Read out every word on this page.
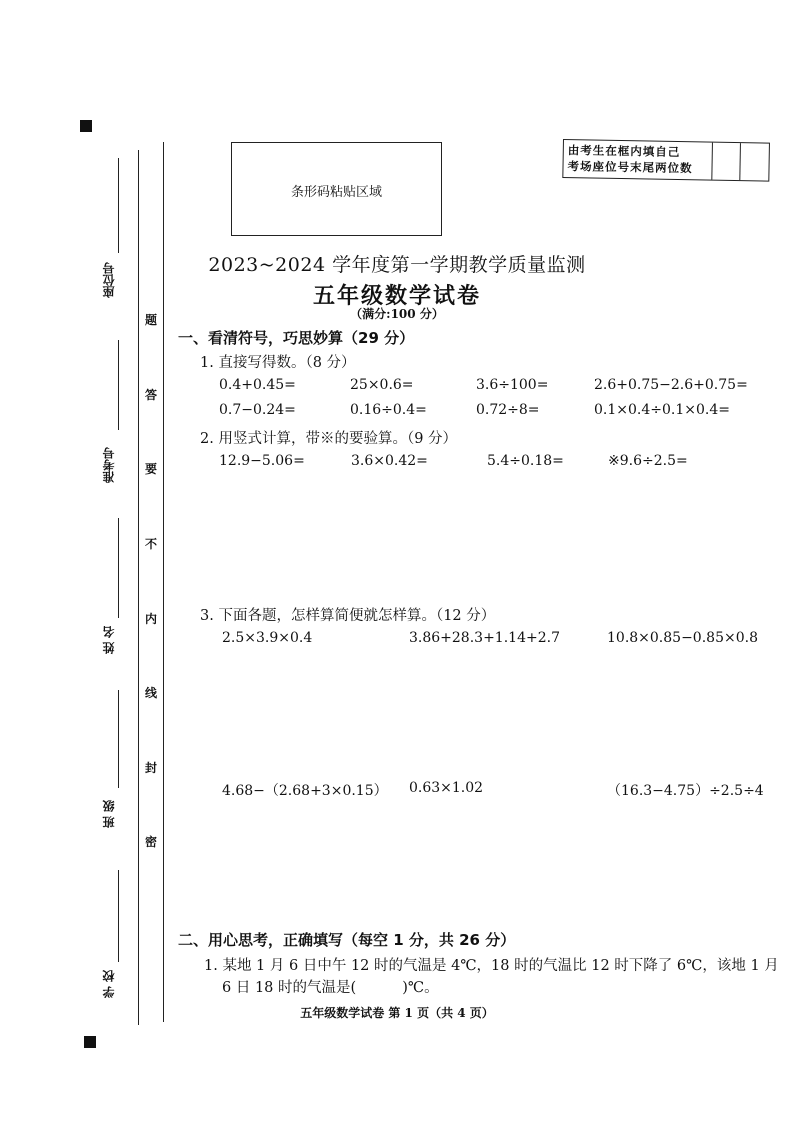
座位号
准考号
姓 名
班 级
学 校
题
答
要
不
内
线
封
密
条形码粘贴区域
由考生在框内填自己
考场座位号末尾两位数
2023~2024 学年度第一学期教学质量监测
五年级数学试卷
（满分:100 分）
一、看清符号，巧思妙算（29 分）
1. 直接写得数。（8 分）
0.4+0.45=	25×0.6=	3.6÷100=	2.6+0.75−2.6+0.75=
0.7−0.24=	0.16÷0.4=	0.72÷8=	0.1×0.4÷0.1×0.4=
2. 用竖式计算，带※的要验算。（9 分）
12.9−5.06=	3.6×0.42=	5.4÷0.18=	※9.6÷2.5=
3. 下面各题，怎样算简便就怎样算。（12 分）
2.5×3.9×0.4	3.86+28.3+1.14+2.7	10.8×0.85−0.85×0.8
4.68−（2.68+3×0.15） 0.63×1.02	（16.3−4.75）÷2.5÷4
二、用心思考，正确填写（每空 1 分，共 26 分）
1. 某地 1 月 6 日中午 12 时的气温是 4℃，18 时的气温比 12 时下降了 6℃，该地 1 月
6 日 18 时的气温是(          )℃。
五年级数学试卷 第 1 页（共 4 页）
